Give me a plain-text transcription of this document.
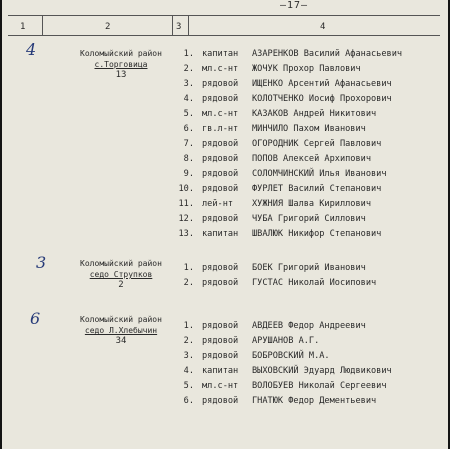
—17—
1	2	3	4
4	Коломыйский район
с.Торговица
13
1. капитан АЗАРЕНКОВ Василий Афанасьевич
2. мл.с-нт ЖОЧУК Прохор Павлович
3. рядовой ИЩЕНКО Арсентий Афанасьевич
4. рядовой КОЛОТЧЕНКО Иосиф Прохорович
5. мл.с-нт КАЗАКОВ Андрей Никитович
6. гв.л-нт МИНЧИЛО Пахом Иванович
7. рядовой ОГОРОДНИК Сергей Павлович
8. рядовой ПОПОВ Алексей Архипович
9. рядовой СОЛОМЧИНСКИЙ Илья Иванович
10. рядовой ФУРЛЕТ Василий Степанович
11. лей-нт ХУЖНИЯ Шалва Кириллович
12. рядовой ЧУБА Григорий Силлович
13. капитан ШВАЛЮК Никифор Степанович
3	Коломыйский район
седо Струпков
2
1. рядовой БОЕК Григорий Иванович
2. рядовой ГУСТАС Николай Иосипович
6	Коломыйский район
седо Л.Хлебычин
34
1. рядовой АВДЕЕВ Федор Андреевич
2. рядовой АРУШАНОВ А.Г.
3. рядовой БОБРОВСКИЙ М.А.
4. капитан ВЫХОВСКИЙ Эдуард Людвикович
5. мл.с-нт ВОЛОБУЕВ Николай Сергеевич
6. рядовой ГНАТЮК Федор Дементьевич
